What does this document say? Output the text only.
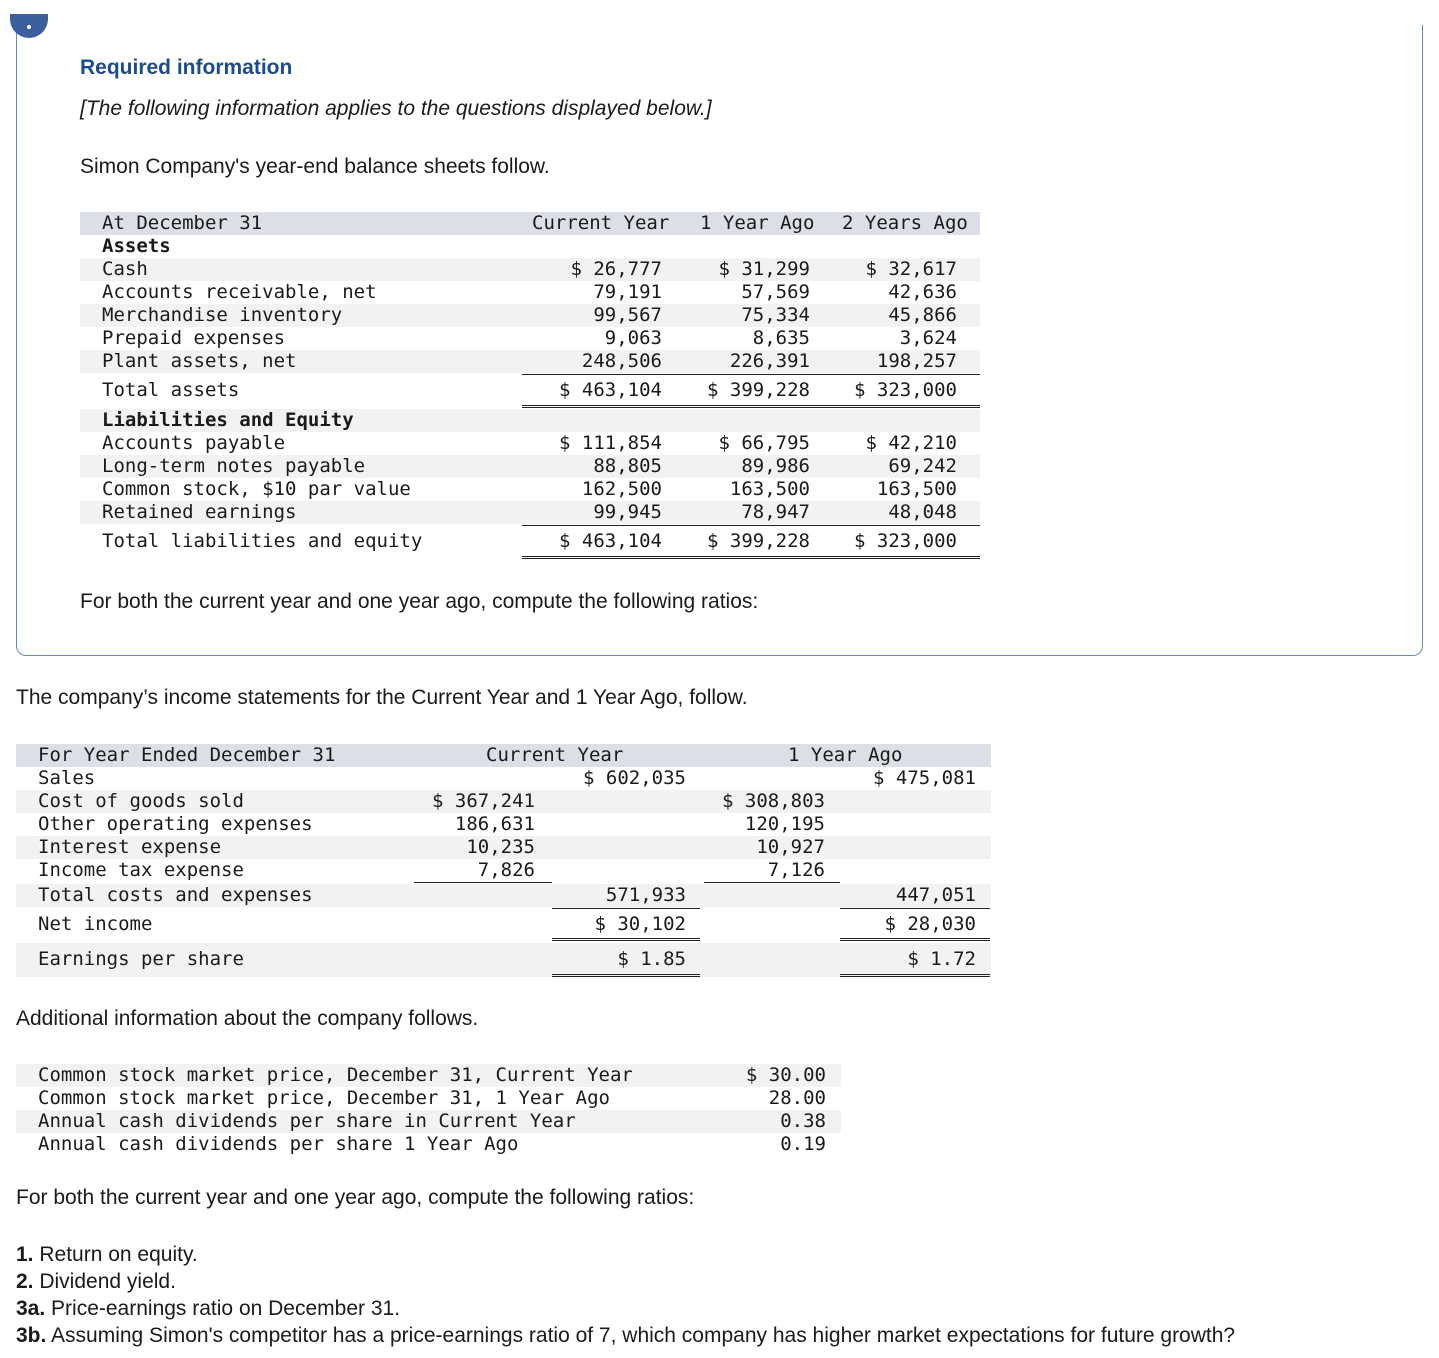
Required information
[The following information applies to the questions displayed below.]
Simon Company's year-end balance sheets follow.
At December 31	Current Year 1 Year Ago 2 Years Ago
Assets
Cash	$ 26,777	$ 31,299	$ 32,617
Accounts receivable, net	79,191	57,569	42,636
Merchandise inventory	99,567	75,334	45,866
Prepaid expenses	9,063	8,635	3,624
Plant assets, net	248,506	226,391	198,257
Total assets	$ 463,104	$ 399,228	$ 323,000
Liabilities and Equity
Accounts payable	$ 111,854	$ 66,795	$ 42,210
Long-term notes payable	88,805	89,986	69,242
Common stock, $10 par value	162,500	163,500	163,500
Retained earnings	99,945	78,947	48,048
Total liabilities and equity	$ 463,104	$ 399,228	$ 323,000
For both the current year and one year ago, compute the following ratios:
The company’s income statements for the Current Year and 1 Year Ago, follow.
For Year Ended December 31	Current Year	1 Year Ago
Sales	$ 602,035	$ 475,081
Cost of goods sold	$ 367,241	$ 308,803
Other operating expenses	186,631	120,195
Interest expense	10,235	10,927
Income tax expense	7,826	7,126
Total costs and expenses	571,933	447,051
Net income	$ 30,102	$ 28,030
Earnings per share	$ 1.85	$ 1.72
Additional information about the company follows.
Common stock market price, December 31, Current Year	$ 30.00
Common stock market price, December 31, 1 Year Ago	28.00
Annual cash dividends per share in Current Year	0.38
Annual cash dividends per share 1 Year Ago	0.19
For both the current year and one year ago, compute the following ratios:
1. Return on equity.
2. Dividend yield.
3a. Price-earnings ratio on December 31.
3b. Assuming Simon's competitor has a price-earnings ratio of 7, which company has higher market expectations for future growth?
